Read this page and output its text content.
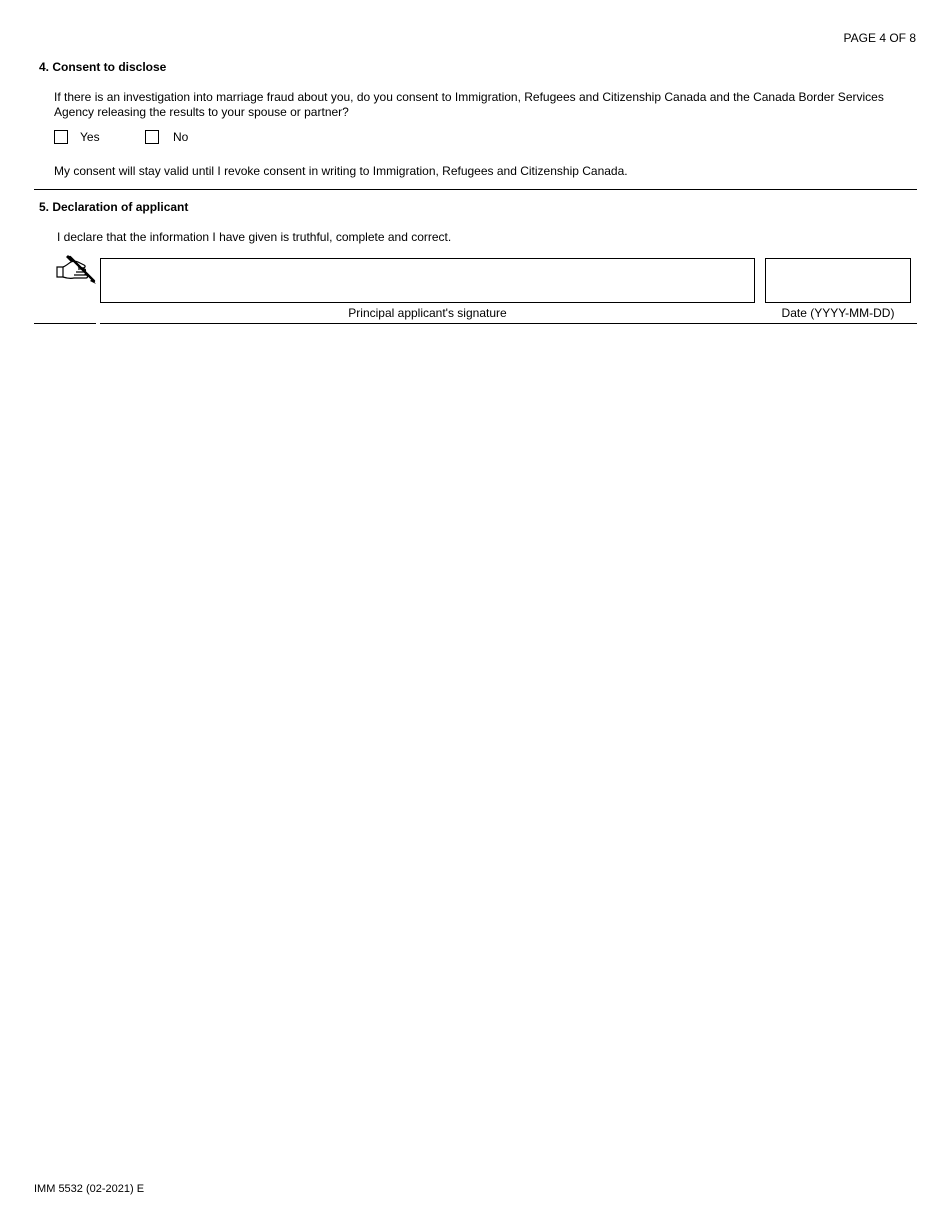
PAGE 4 OF 8
4. Consent to disclose
If there is an investigation into marriage fraud about you, do you consent to Immigration, Refugees and Citizenship Canada and the Canada Border Services Agency releasing the results to your spouse or partner?
Yes	No
My consent will stay valid until I revoke consent in writing to Immigration, Refugees and Citizenship Canada.
5. Declaration of applicant
I declare that the information I have given is truthful, complete and correct.
Principal applicant's signature	Date (YYYY-MM-DD)
IMM 5532 (02-2021) E
